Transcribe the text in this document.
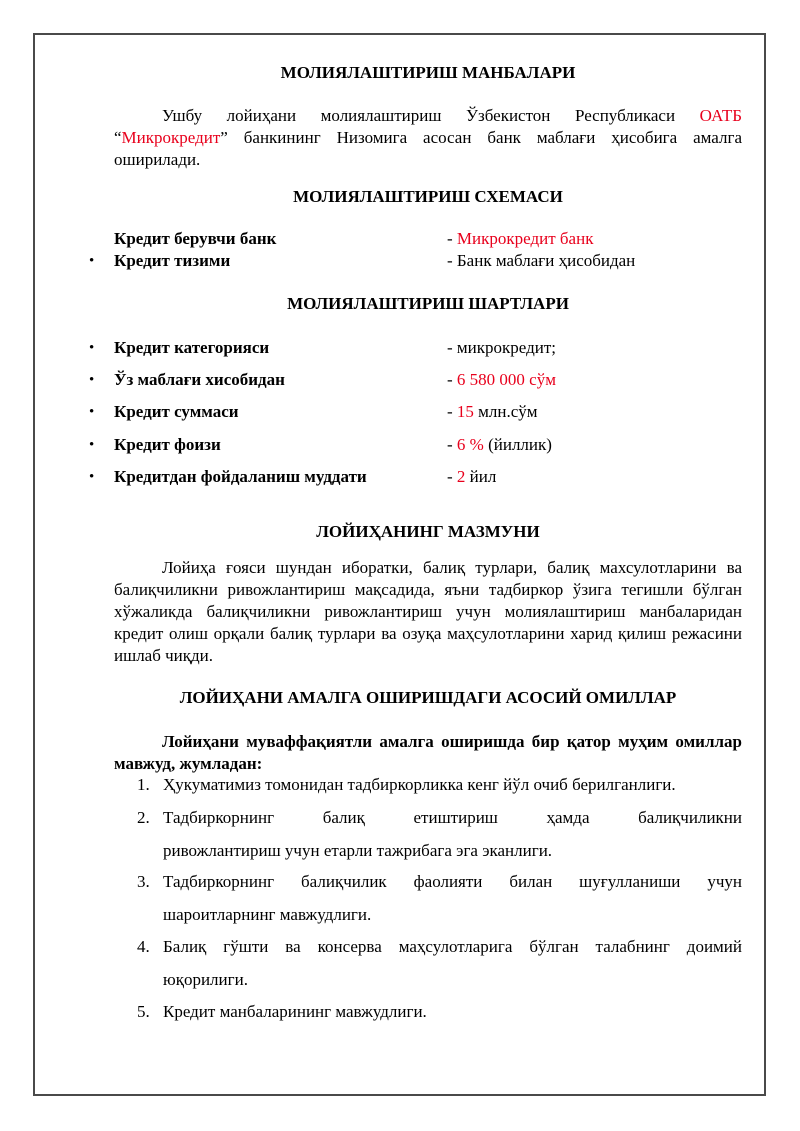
МОЛИЯЛАШТИРИШ МАНБАЛАРИ
Ушбу лойиҳани молиялаштириш Ўзбекистон Республикаси ОАТБ “Микрокредит” банкининг Низомига асосан банк маблағи ҳисобига амалга оширилади.
МОЛИЯЛАШТИРИШ СХЕМАСИ
Кредит берувчи банк	- Микрокредит банк
• Кредит тизими	- Банк маблағи ҳисобидан
МОЛИЯЛАШТИРИШ ШАРТЛАРИ
• Кредит категорияси	- микрокредит;
• Ўз маблағи хисобидан	- 6 580 000 сўм
• Кредит суммаси	- 15 млн.сўм
• Кредит фоизи	- 6 % (йиллик)
• Кредитдан фойдаланиш муддати	- 2 йил
ЛОЙИҲАНИНГ МАЗМУНИ
Лойиҳа ғояси шундан иборатки, балиқ турлари, балиқ махсулотларини ва балиқчиликни ривожлантириш мақсадида, яъни тадбиркор ўзига тегишли бўлган хўжаликда балиқчиликни ривожлантириш учун молиялаштириш манбаларидан кредит олиш орқали балиқ турлари ва озуқа маҳсулотларини харид қилиш режасини ишлаб чиқди.
ЛОЙИҲАНИ АМАЛГА ОШИРИШДАГИ АСОСИЙ ОМИЛЛАР
Лойиҳани муваффақиятли амалга оширишда бир қатор муҳим омиллар мавжуд, жумладан:
1. Ҳукуматимиз томонидан тадбиркорликка кенг йўл очиб берилганлиги.
2. Тадбиркорнинг балиқ етиштириш ҳамда балиқчиликни
ривожлантириш учун етарли тажрибага эга эканлиги.
3. Тадбиркорнинг балиқчилик фаолияти билан шуғулланиши учун
шароитларнинг мавжудлиги.
4. Балиқ гўшти ва консерва маҳсулотларига бўлган талабнинг доимий
юқорилиги.
5. Кредит манбаларининг мавжудлиги.
